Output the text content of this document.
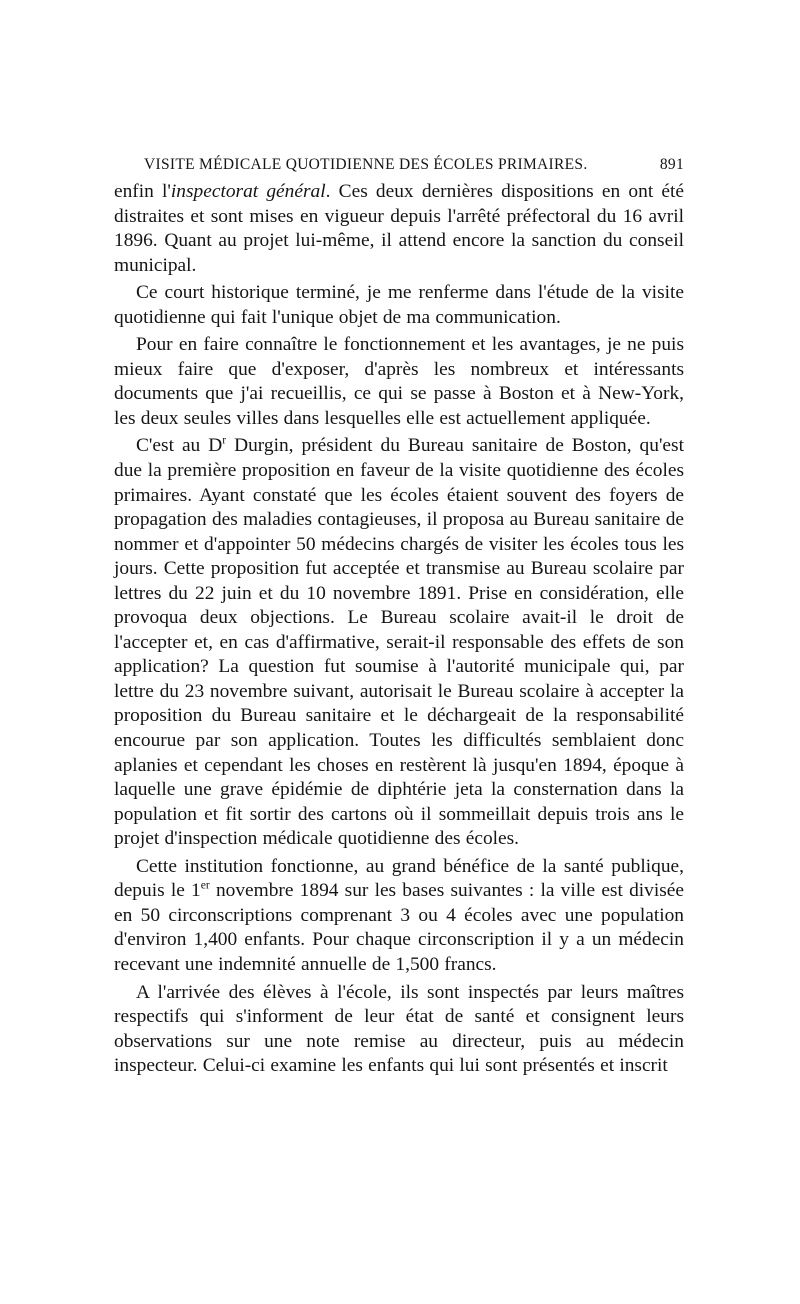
VISITE MÉDICALE QUOTIDIENNE DES ÉCOLES PRIMAIRES.	891

enfin l'inspectorat général. Ces deux dernières dispositions en ont été distraites et sont mises en vigueur depuis l'arrêté préfectoral du 16 avril 1896. Quant au projet lui-même, il attend encore la sanction du conseil municipal.

Ce court historique terminé, je me renferme dans l'étude de la visite quotidienne qui fait l'unique objet de ma communication.

Pour en faire connaître le fonctionnement et les avantages, je ne puis mieux faire que d'exposer, d'après les nombreux et intéressants documents que j'ai recueillis, ce qui se passe à Boston et à New-York, les deux seules villes dans lesquelles elle est actuellement appliquée.

C'est au $D^r$ Durgin, président du Bureau sanitaire de Boston, qu'est due la première proposition en faveur de la visite quotidienne des écoles primaires. Ayant constaté que les écoles étaient souvent des foyers de propagation des maladies contagieuses, il proposa au Bureau sanitaire de nommer et d'appointer 50 médecins chargés de visiter les écoles tous les jours. Cette proposition fut acceptée et transmise au Bureau scolaire par lettres du 22 juin et du 10 novembre 1891. Prise en considération, elle provoqua deux objections. Le Bureau scolaire avait-il le droit de l'accepter et, en cas d'affirmative, serait-il responsable des effets de son application? La question fut soumise à l'autorité municipale qui, par lettre du 23 novembre suivant, autorisait le Bureau scolaire à accepter la proposition du Bureau sanitaire et le déchargeait de la responsabilité encourue par son application. Toutes les difficultés semblaient donc aplanies et cependant les choses en restèrent là jusqu'en 1894, époque à laquelle une grave épidémie de diphtérie jeta la consternation dans la population et fit sortir des cartons où il sommeillait depuis trois ans le projet d'inspection médicale quotidienne des écoles.

Cette institution fonctionne, au grand bénéfice de la santé publique, depuis le 1er novembre 1894 sur les bases suivantes : la ville est divisée en 50 circonscriptions comprenant 3 ou 4 écoles avec une population d'environ 1,400 enfants. Pour chaque circonscription il y a un médecin recevant une indemnité annuelle de 1,500 francs.

A l'arrivée des élèves à l'école, ils sont inspectés par leurs maîtres respectifs qui s'informent de leur état de santé et consignent leurs observations sur une note remise au directeur, puis au médecin inspecteur. Celui-ci examine les enfants qui lui sont présentés et inscrit
